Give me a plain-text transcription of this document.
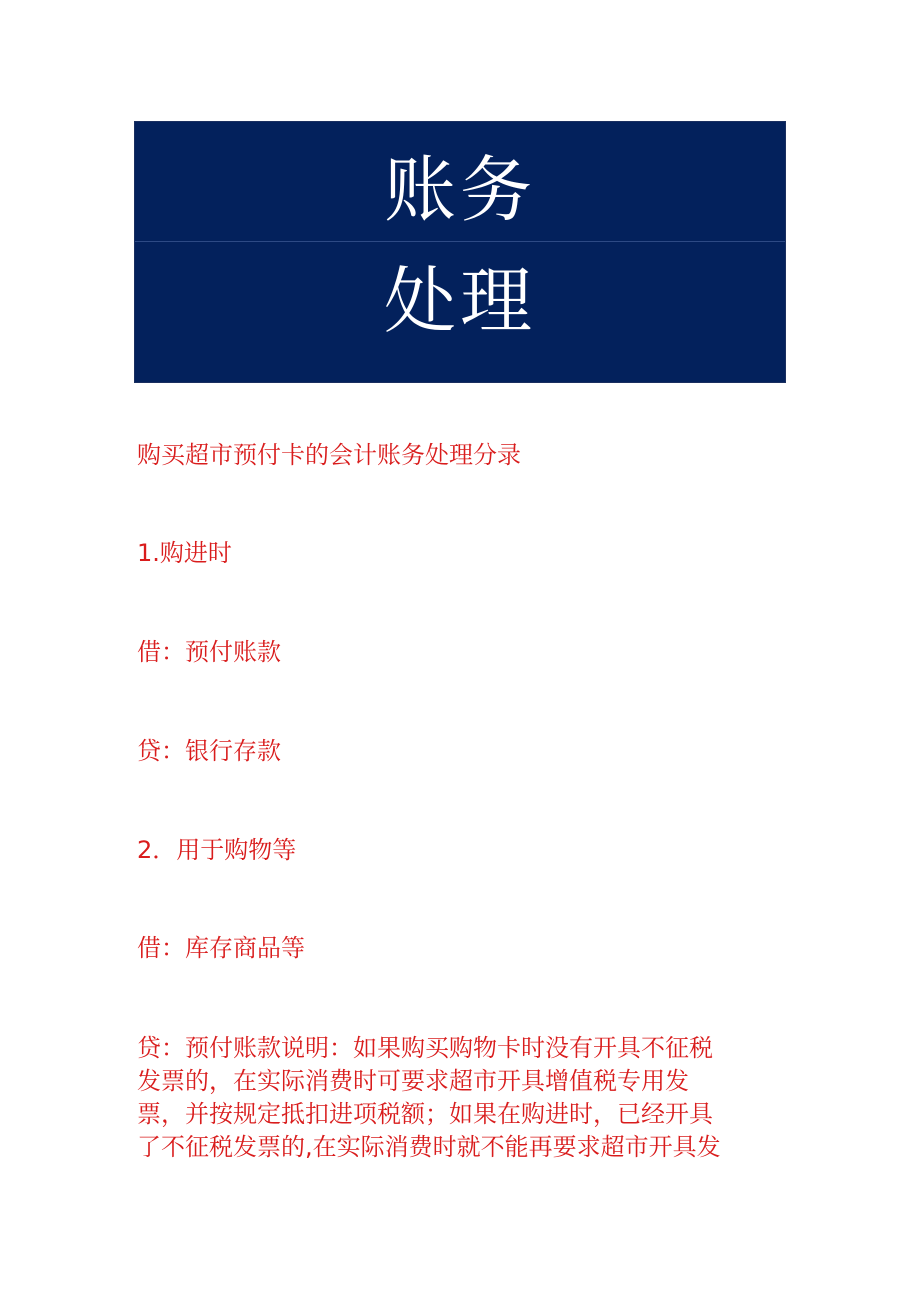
账务
处理
购买超市预付卡的会计账务处理分录
1.购进时
借：预付账款
贷：银行存款
2．用于购物等
借：库存商品等
贷：预付账款说明：如果购买购物卡时没有开具不征税
发票的，在实际消费时可要求超市开具增值税专用发
票，并按规定抵扣进项税额；如果在购进时，已经开具
了不征税发票的,在实际消费时就不能再要求超市开具发
